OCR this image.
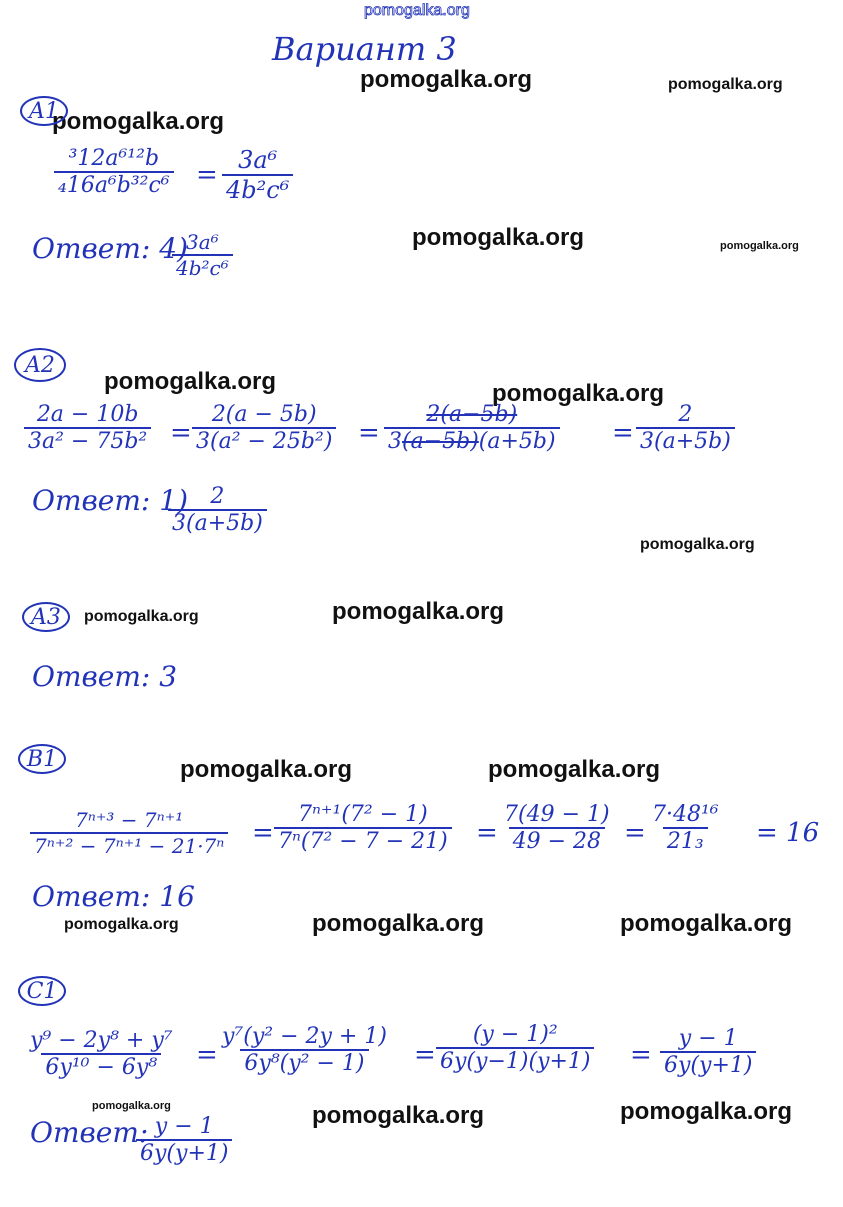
pomogalka.org
Вариант 3
pomogalka.org	pomogalka.org
pomogalka.org
pomogalka.org	pomogalka.org
pomogalka.org	pomogalka.org
pomogalka.org
pomogalka.org	pomogalka.org
pomogalka.org	pomogalka.org
pomogalka.org	pomogalka.org	pomogalka.org
pomogalka.org	pomogalka.org	pomogalka.org
A1
$\frac{\text{³12a⁶¹²b}}{\text{₄16a⁶b³²c⁶}} = \frac{\text{3a⁶}}{\text{4b²c⁶}}$
Ответ: 4)
$\frac{\text{3a⁶}}{\text{4b²c⁶}}$
A2
$\frac{2a - 10b}{\text{3a² − 75b²}} = \frac{2(a - 5b)}{\text{3(a² − 25b²)}} = \frac{2(a-5b)}{3(a-5b)(a+5b)} = \frac{2}{3(a+5b)}$
Ответ: 1)
$\frac{2}{3(a+5b)}$
A3
Ответ: 3
B1
$\frac{\text{7ⁿ⁺³ − 7ⁿ⁺¹}}{\text{7ⁿ⁺² − 7ⁿ⁺¹ − 21·7ⁿ}} = \frac{\text{7ⁿ⁺¹(7² − 1)}}{\text{7ⁿ(7² − 7 − 21)}} = \frac{7(49 - 1)}{49 - 28} = \frac{\text{7·48¹⁶}}{\text{21₃}} = 16$
Ответ: 16
C1
$\frac{\text{y⁹ − 2y⁸ + y⁷}}{\text{6y¹⁰ − 6y⁸}} = \frac{\text{y⁷(y² − 2y + 1)}}{\text{6y⁸(y² − 1)}} = \frac{\text{(y − 1)²}}{6y(y-1)(y+1)} = \frac{y - 1}{6y(y+1)}$
Ответ:
$\frac{y - 1}{6y(y+1)}$
